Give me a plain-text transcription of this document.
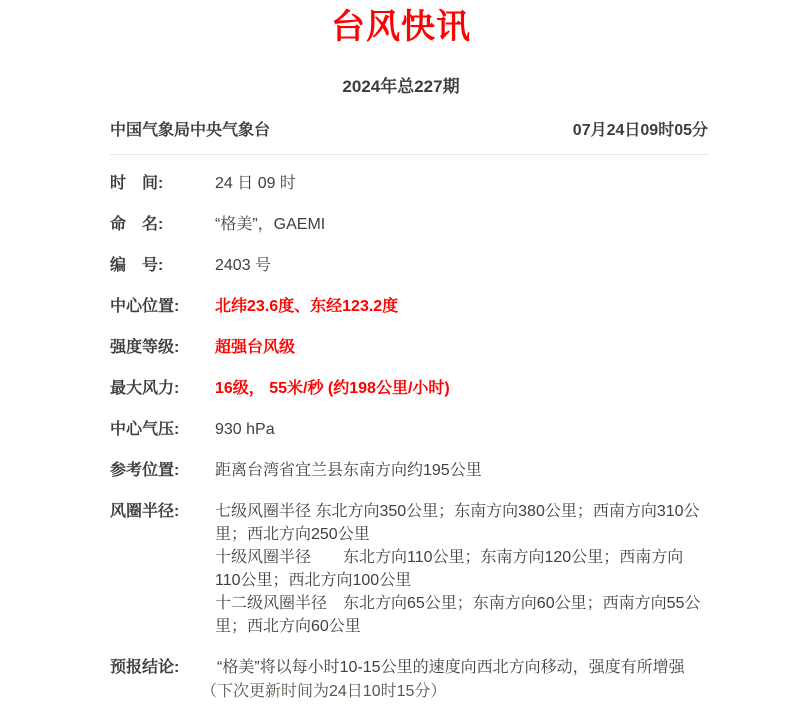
台风快讯
2024年总227期
中国气象局中央气象台	07月24日09时05分
时　间:	24 日 09 时
命　名:	“格美”，GAEMI
编　号:	2403 号
中心位置:	北纬23.6度、东经123.2度
强度等级:	超强台风级
最大风力:	16级， 55米/秒 (约198公里/小时)
中心气压:	930 hPa
参考位置:	距离台湾省宜兰县东南方向约195公里
风圈半径:	七级风圈半径 东北方向350公里；东南方向380公里；西南方向310公里；西北方向250公里

十级风圈半径　　东北方向110公里；东南方向120公里；西南方向110公里；西北方向100公里

十二级风圈半径　东北方向65公里；东南方向60公里；西南方向55公里；西北方向60公里

预报结论:	　“格美”将以每小时10-15公里的速度向西北方向移动，强度有所增强

（下次更新时间为24日10时15分）
